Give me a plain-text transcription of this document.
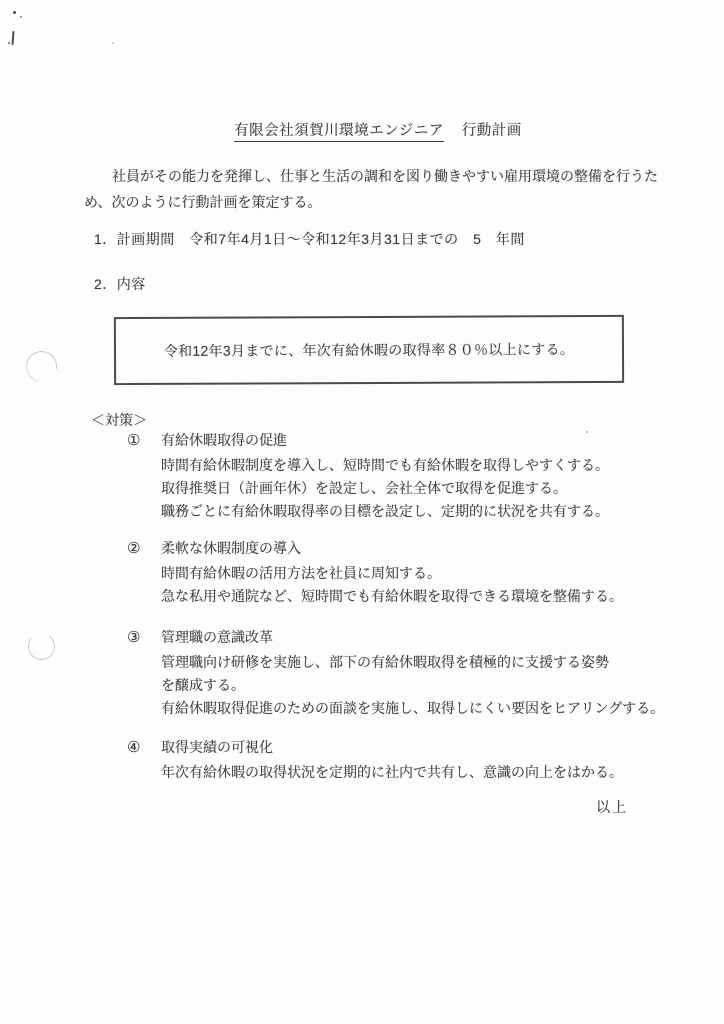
有限会社須賀川環境エンジニア 行動計画
　社員がその能力を発揮し、仕事と生活の調和を図り働きやすい雇用環境の整備を行うた
め、次のように行動計画を策定する。
1．計画期間　令和7年4月1日～令和12年3月31日までの　5　年間
2．内容
令和12年3月までに、年次有給休暇の取得率８０％以上にする。
＜対策＞
① 有給休暇取得の促進
時間有給休暇制度を導入し、短時間でも有給休暇を取得しやすくする。
取得推奨日（計画年休）を設定し、会社全体で取得を促進する。
職務ごとに有給休暇取得率の目標を設定し、定期的に状況を共有する。
② 柔軟な休暇制度の導入
時間有給休暇の活用方法を社員に周知する。
急な私用や通院など、短時間でも有給休暇を取得できる環境を整備する。
③ 管理職の意識改革
管理職向け研修を実施し、部下の有給休暇取得を積極的に支援する姿勢
を醸成する。
有給休暇取得促進のための面談を実施し、取得しにくい要因をヒアリングする。
④ 取得実績の可視化
年次有給休暇の取得状況を定期的に社内で共有し、意識の向上をはかる。
以上
